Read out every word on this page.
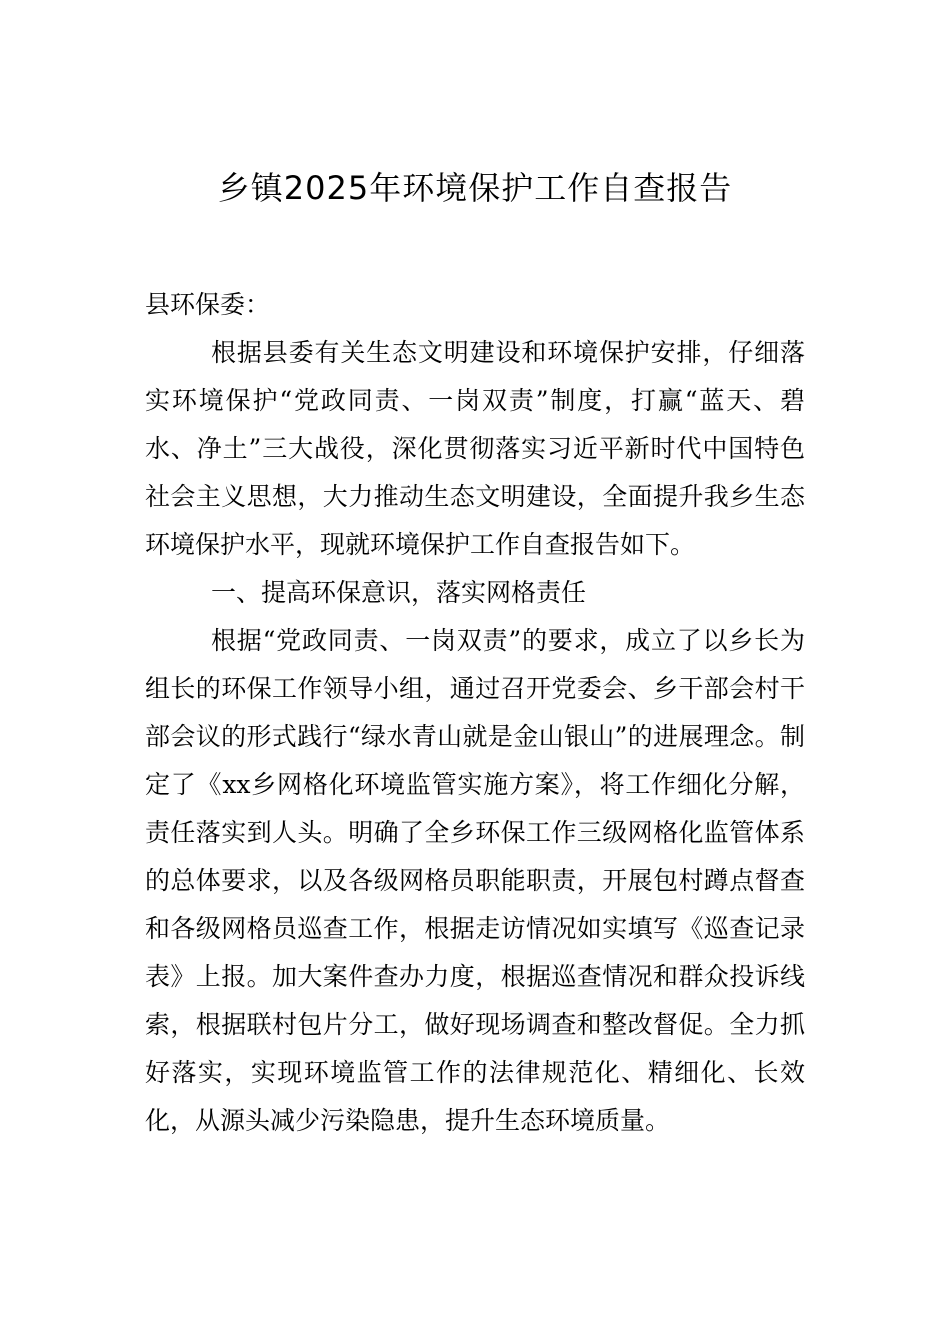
乡镇2025年环境保护工作自查报告

县环保委：

根据县委有关生态文明建设和环境保护安排，仔细落实环境保护“党政同责、一岗双责”制度，打赢“蓝天、碧水、净土”三大战役，深化贯彻落实习近平新时代中国特色社会主义思想，大力推动生态文明建设，全面提升我乡生态环境保护水平，现就环境保护工作自查报告如下。

一、提高环保意识，落实网格责任

根据“党政同责、一岗双责”的要求，成立了以乡长为组长的环保工作领导小组，通过召开党委会、乡干部会村干部会议的形式践行“绿水青山就是金山银山”的进展理念。制定了《xx乡网格化环境监管实施方案》，将工作细化分解，责任落实到人头。明确了全乡环保工作三级网格化监管体系的总体要求，以及各级网格员职能职责，开展包村蹲点督查和各级网格员巡查工作，根据走访情况如实填写《巡查记录表》上报。加大案件查办力度，根据巡查情况和群众投诉线索，根据联村包片分工，做好现场调查和整改督促。全力抓好落实，实现环境监管工作的法律规范化、精细化、长效化，从源头减少污染隐患，提升生态环境质量。
